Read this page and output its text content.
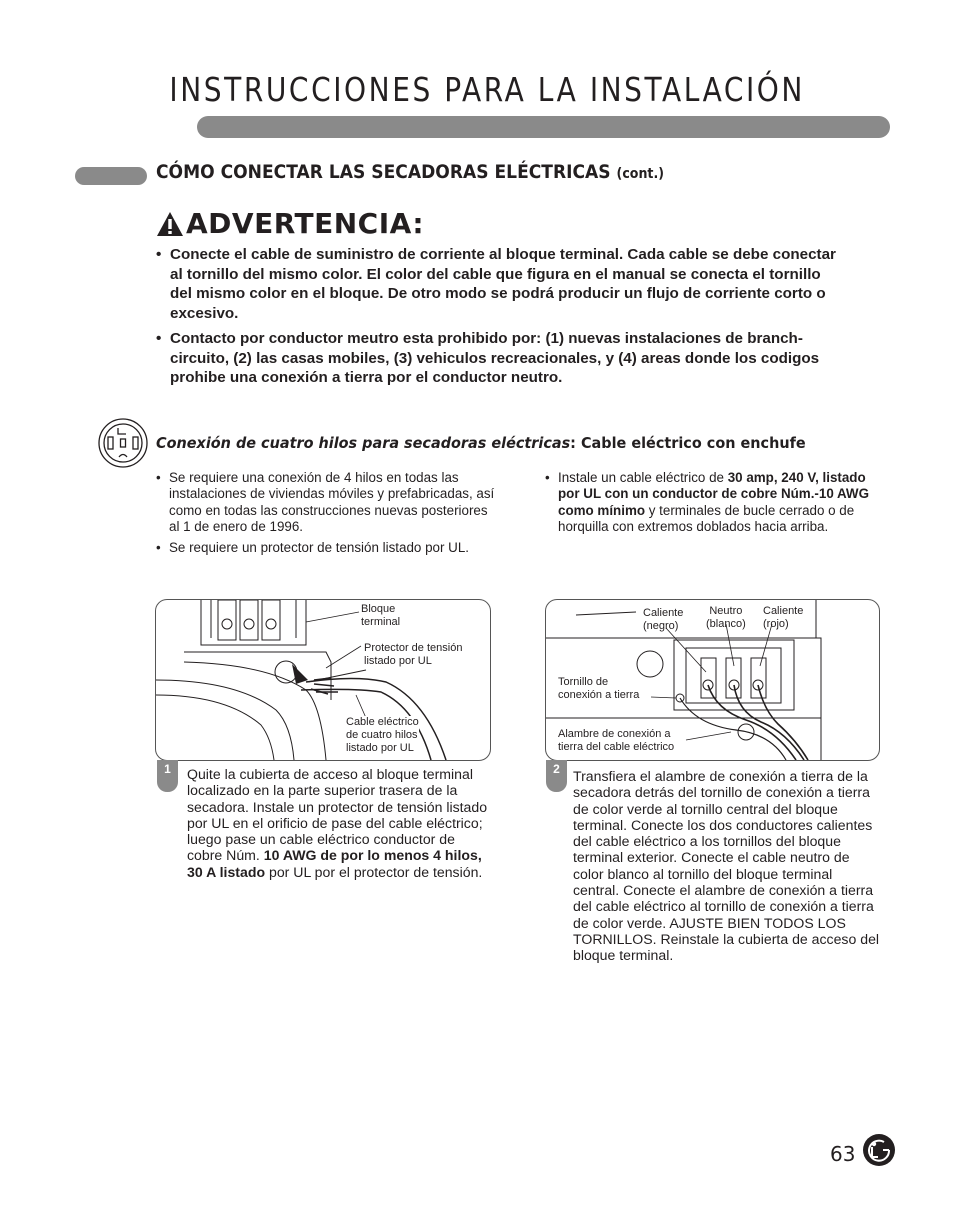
INSTRUCCIONES PARA LA INSTALACIÓN
CÓMO CONECTAR LAS SECADORAS ELÉCTRICAS (cont.)
ADVERTENCIA:
• Conecte el cable de suministro de corriente al bloque terminal. Cada cable se debe conectar al tornillo del mismo color. El color del cable que figura en el manual se conecta el tornillo del mismo color en el bloque. De otro modo se podrá producir un flujo de corriente corto o excesivo.
• Contacto por conductor meutro esta prohibido por: (1) nuevas instalaciones de branch-circuito, (2) las casas mobiles, (3) vehiculos recreacionales, y (4) areas donde los codigos prohibe una conexión a tierra por el conductor neutro.
Conexión de cuatro hilos para secadoras eléctricas: Cable eléctrico con enchufe
• Se requiere una conexión de 4 hilos en todas las instalaciones de viviendas móviles y prefabricadas, así como en todas las construcciones nuevas posteriores al 1 de enero de 1996.
• Se requiere un protector de tensión listado por UL.
• Instale un cable eléctrico de 30 amp, 240 V, listado por UL con un conductor de cobre Núm.-10 AWG como mínimo y terminales de bucle cerrado o de horquilla con extremos doblados hacia arriba.
Bloque
terminal
Protector de tensión
listado por UL
Cable eléctrico
de cuatro hilos
listado por UL
Caliente
(negro)
Neutro
(blanco)
Caliente
(rojo)
Tornillo de
conexión a tierra
Alambre de conexión a
tierra del cable eléctrico
1	Quite la cubierta de acceso al bloque terminal localizado en la parte superior trasera de la secadora. Instale un protector de tensión listado por UL en el orificio de pase del cable eléctrico; luego pase un cable eléctrico conductor de cobre Núm. 10 AWG de por lo menos 4 hilos, 30 A listado por UL por el protector de tensión.
2 Transfiera el alambre de conexión a tierra de la secadora detrás del tornillo de conexión a tierra de color verde al tornillo central del bloque terminal. Conecte los dos conductores calientes del cable eléctrico a los tornillos del bloque terminal exterior. Conecte el cable neutro de color blanco al tornillo del bloque terminal central. Conecte el alambre de conexión a tierra del cable eléctrico al tornillo de conexión a tierra de color verde. AJUSTE BIEN TODOS LOS TORNILLOS. Reinstale la cubierta de acceso del bloque terminal.
63
